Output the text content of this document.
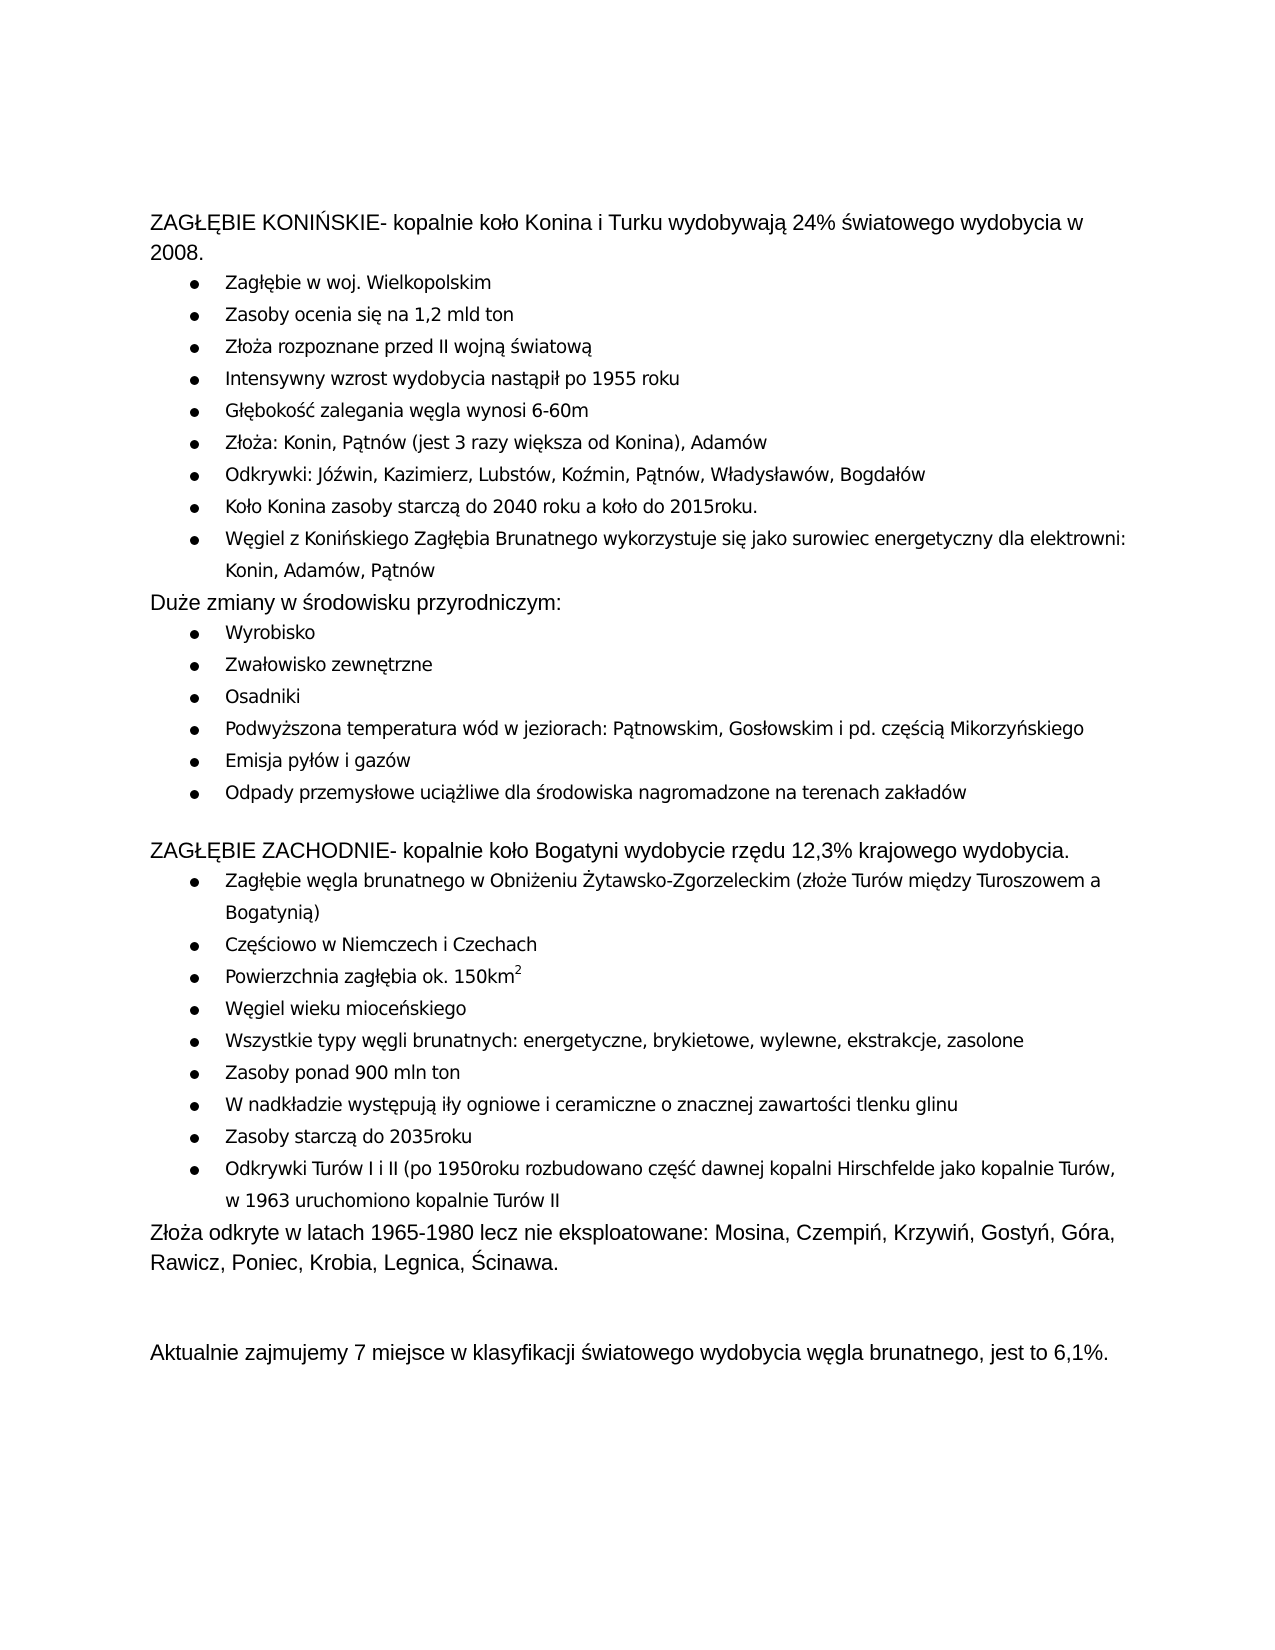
ZAGŁĘBIE KONIŃSKIE- kopalnie koło Konina i Turku wydobywają 24% światowego wydobycia w 2008.

Zagłębie w woj. Wielkopolskim
Zasoby ocenia się na 1,2 mld ton
Złoża rozpoznane przed II wojną światową
Intensywny wzrost wydobycia nastąpił po 1955 roku
Głębokość zalegania węgla wynosi 6-60m
Złoża: Konin, Pątnów (jest 3 razy większa od Konina), Adamów
Odkrywki: Jóźwin, Kazimierz, Lubstów, Koźmin, Pątnów, Władysławów, Bogdałów
Koło Konina zasoby starczą do 2040 roku a koło do 2015roku.
Węgiel z Konińskiego Zagłębia Brunatnego wykorzystuje się jako surowiec energetyczny dla elektrowni: Konin, Adamów, Pątnów

Duże zmiany w środowisku przyrodniczym:

Wyrobisko
Zwałowisko zewnętrzne
Osadniki
Podwyższona temperatura wód w jeziorach: Pątnowskim, Gosłowskim i pd. częścią Mikorzyńskiego
Emisja pyłów i gazów
Odpady przemysłowe uciążliwe dla środowiska nagromadzone na terenach zakładów

ZAGŁĘBIE ZACHODNIE- kopalnie koło Bogatyni wydobycie rzędu 12,3% krajowego wydobycia.

Zagłębie węgla brunatnego w Obniżeniu Żytawsko-Zgorzeleckim (złoże Turów między Turoszowem a Bogatynią)
Częściowo w Niemczech i Czechach
Powierzchnia zagłębia ok. $150km^2$
Węgiel wieku mioceńskiego
Wszystkie typy węgli brunatnych: energetyczne, brykietowe, wylewne, ekstrakcje, zasolone
Zasoby ponad 900 mln ton
W nadkładzie występują iły ogniowe i ceramiczne o znacznej zawartości tlenku glinu
Zasoby starczą do 2035roku
Odkrywki Turów I i II (po 1950roku rozbudowano część dawnej kopalni Hirschfelde jako kopalnie Turów, w 1963 uruchomiono kopalnie Turów II

Złoża odkryte w latach 1965-1980 lecz nie eksploatowane: Mosina, Czempiń, Krzywiń, Gostyń, Góra, Rawicz, Poniec, Krobia, Legnica, Ścinawa.

Aktualnie zajmujemy 7 miejsce w klasyfikacji światowego wydobycia węgla brunatnego, jest to 6,1%.
